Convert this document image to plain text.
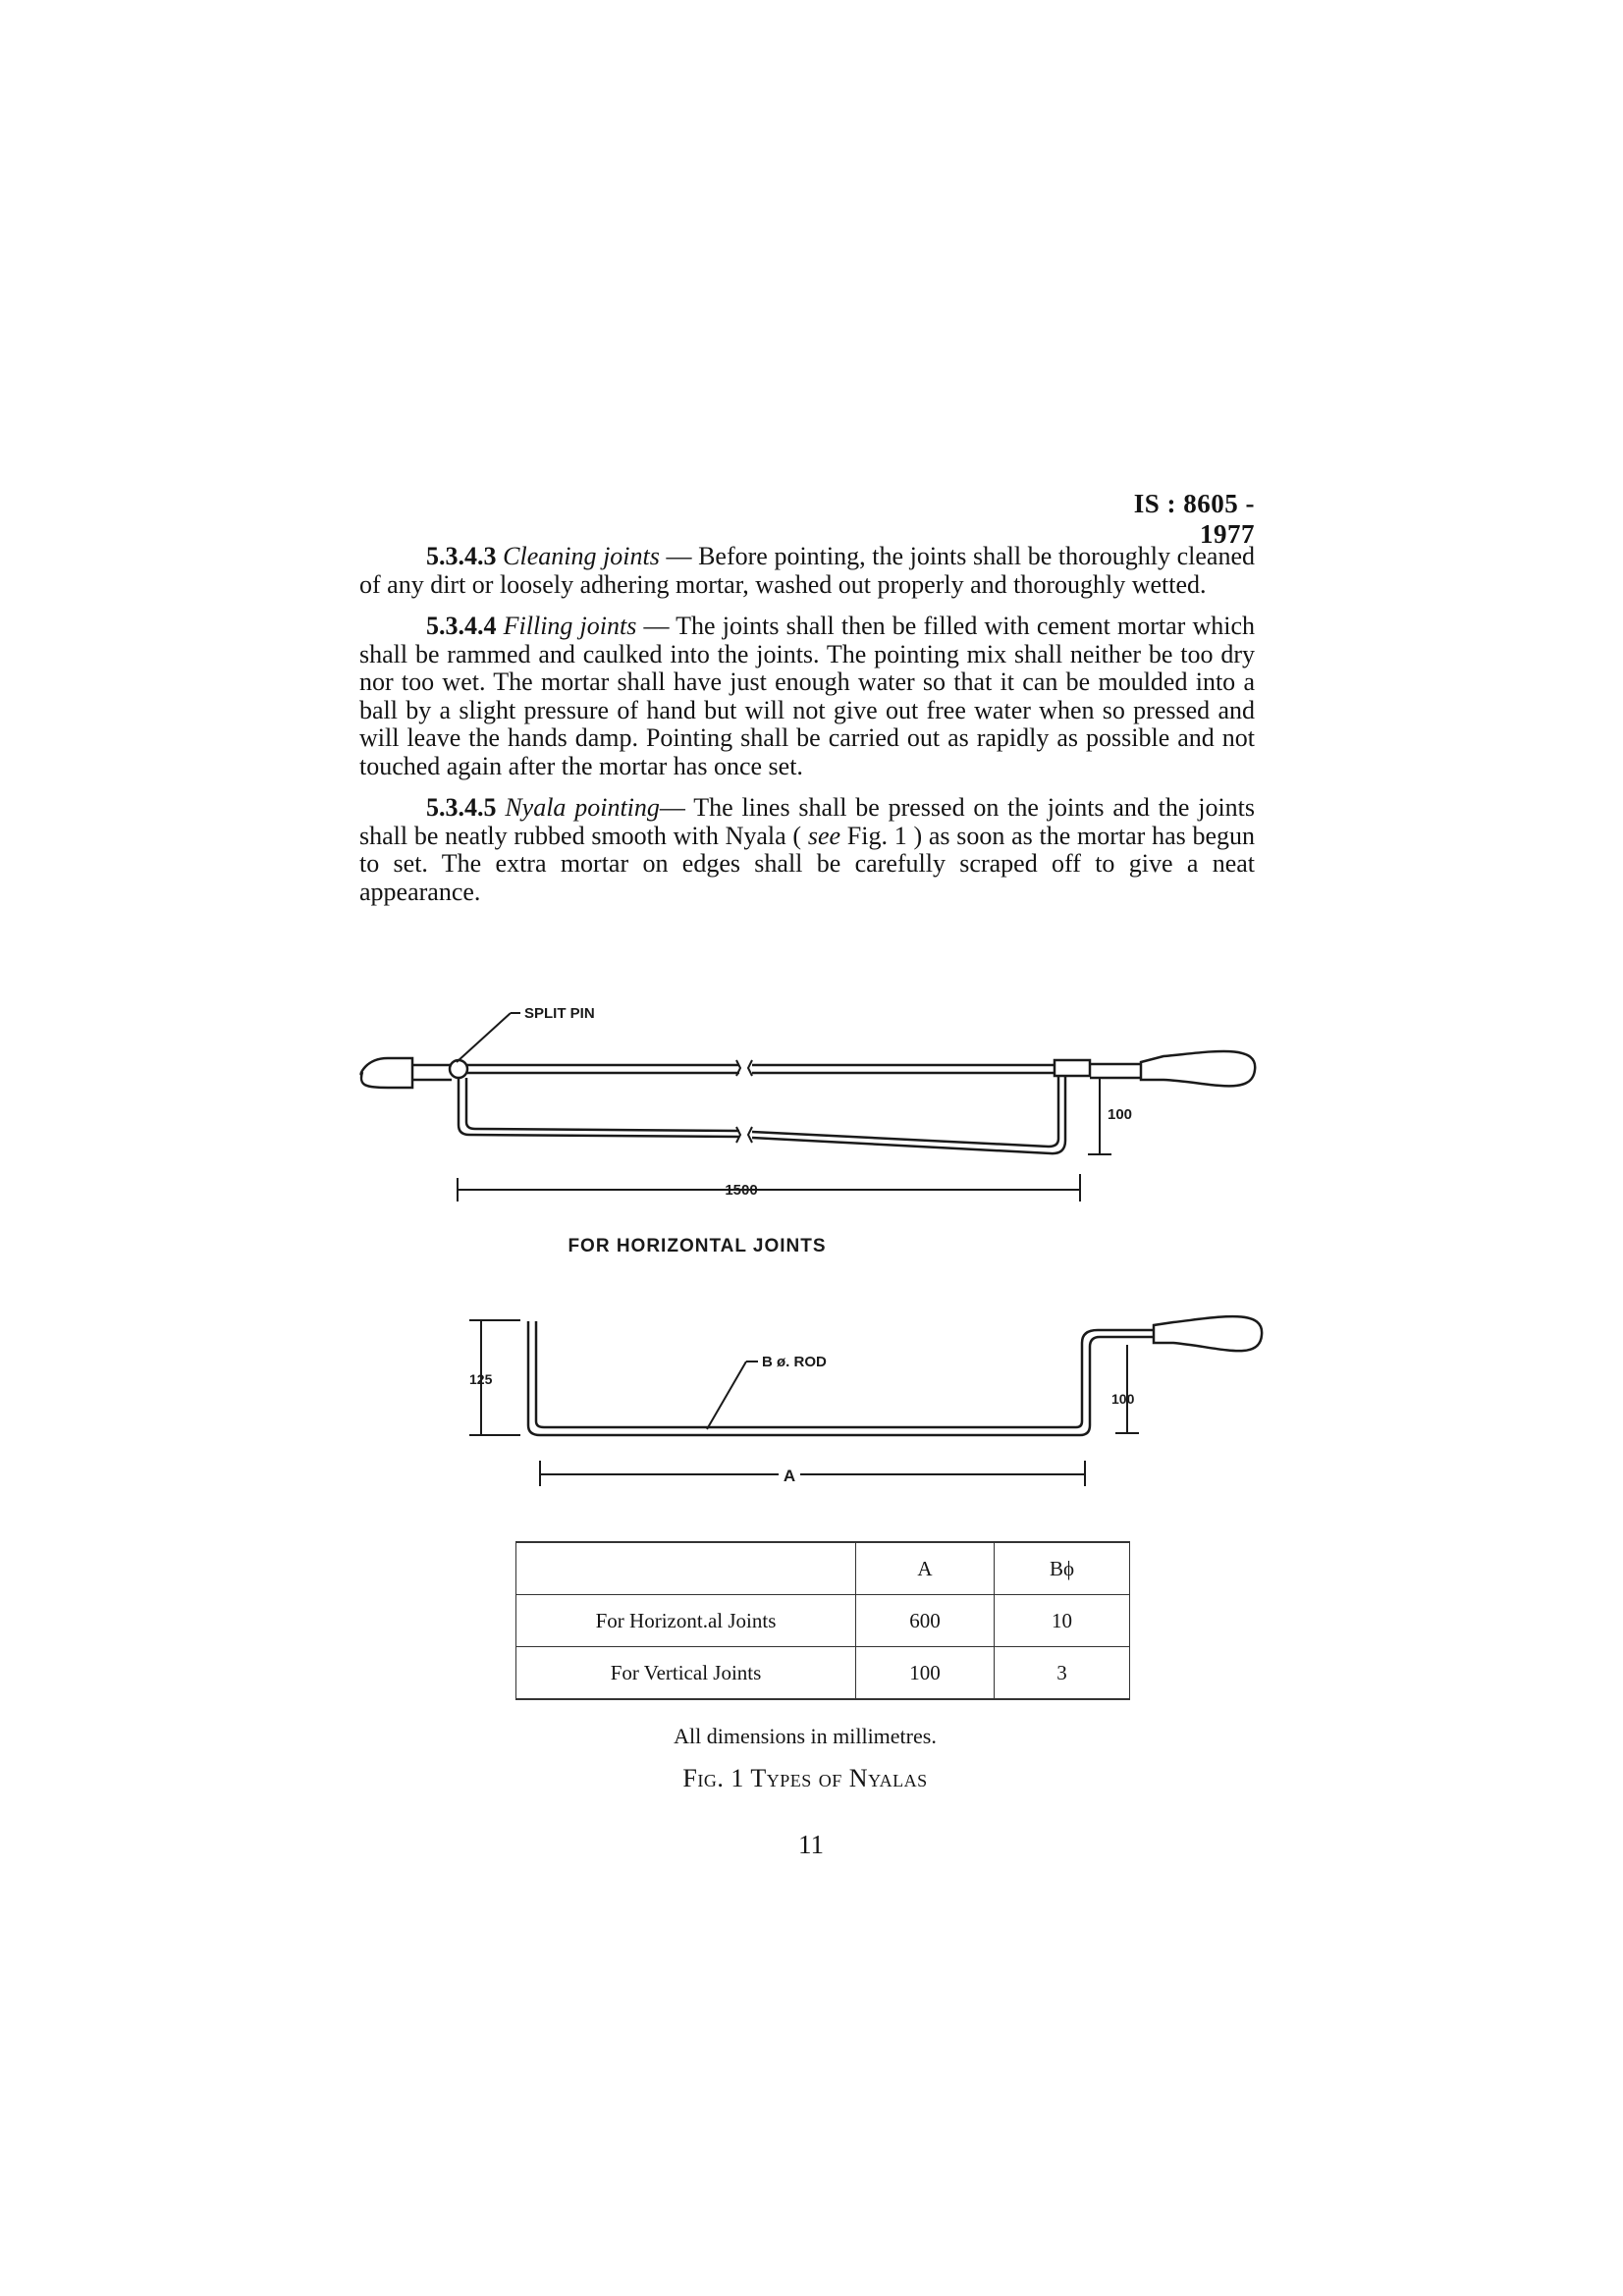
IS : 8605 - 1977

5.3.4.3 Cleaning joints — Before pointing, the joints shall be thoroughly cleaned of any dirt or loosely adhering mortar, washed out properly and thoroughly wetted.

5.3.4.4 Filling joints — The joints shall then be filled with cement mortar which shall be rammed and caulked into the joints. The pointing mix shall neither be too dry nor too wet. The mortar shall have just enough water so that it can be moulded into a ball by a slight pressure of hand but will not give out free water when so pressed and will leave the hands damp. Pointing shall be carried out as rapidly as possible and not touched again after the mortar has once set.

5.3.4.5 Nyala pointing— The lines shall be pressed on the joints and the joints shall be neatly rubbed smooth with Nyala ( see Fig. 1 ) as soon as the mortar has begun to set. The extra mortar on edges shall be carefully scraped off to give a neat appearance.

SPLIT PIN
1500
100
FOR HORIZONTAL JOINTS
B ø. ROD
125
100
A
	A	Bϕ
For Horizont.al Joints	600	10
For Vertical Joints	100	3
All dimensions in millimetres.
Fig. 1 Types of Nyalas
11
